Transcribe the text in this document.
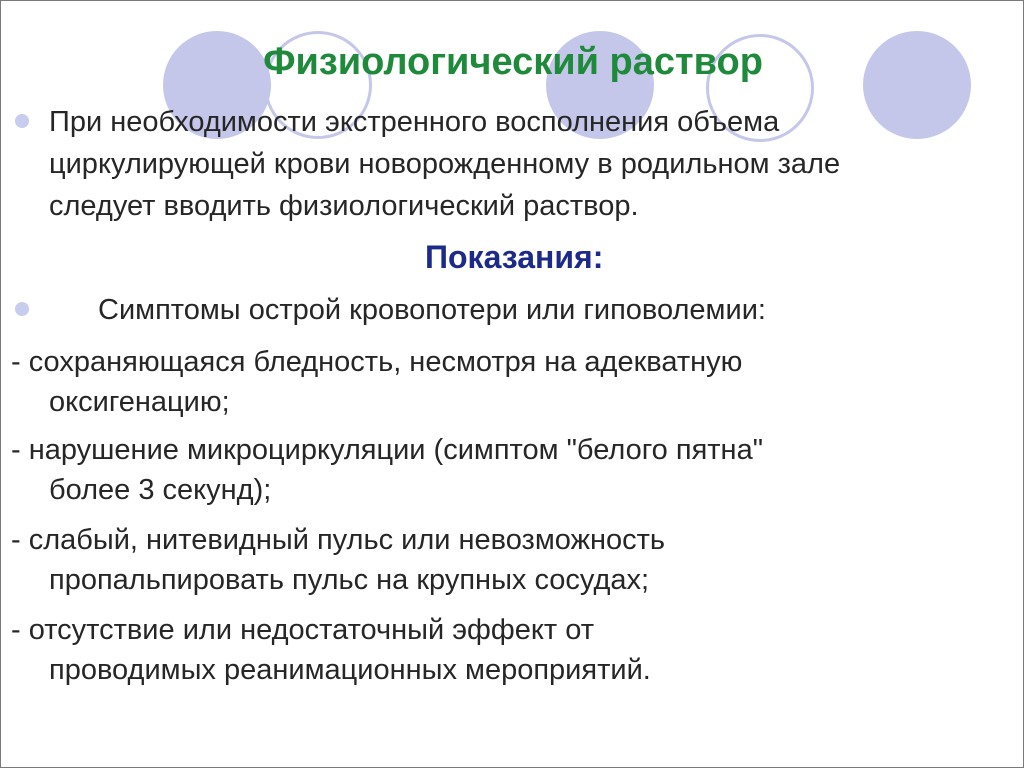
Физиологический раствор

При необходимости экстренного восполнения объема

циркулирующей крови новорожденному в родильном зале

следует вводить физиологический раствор.

Показания:

Симптомы острой кровопотери или гиповолемии:

- сохраняющаяся бледность, несмотря на адекватную

оксигенацию;

- нарушение микроциркуляции (симптом "белого пятна"

более 3 секунд);

- слабый, нитевидный пульс или невозможность

пропальпировать пульс на крупных сосудах;

- отсутствие или недостаточный эффект от

проводимых реанимационных мероприятий.
